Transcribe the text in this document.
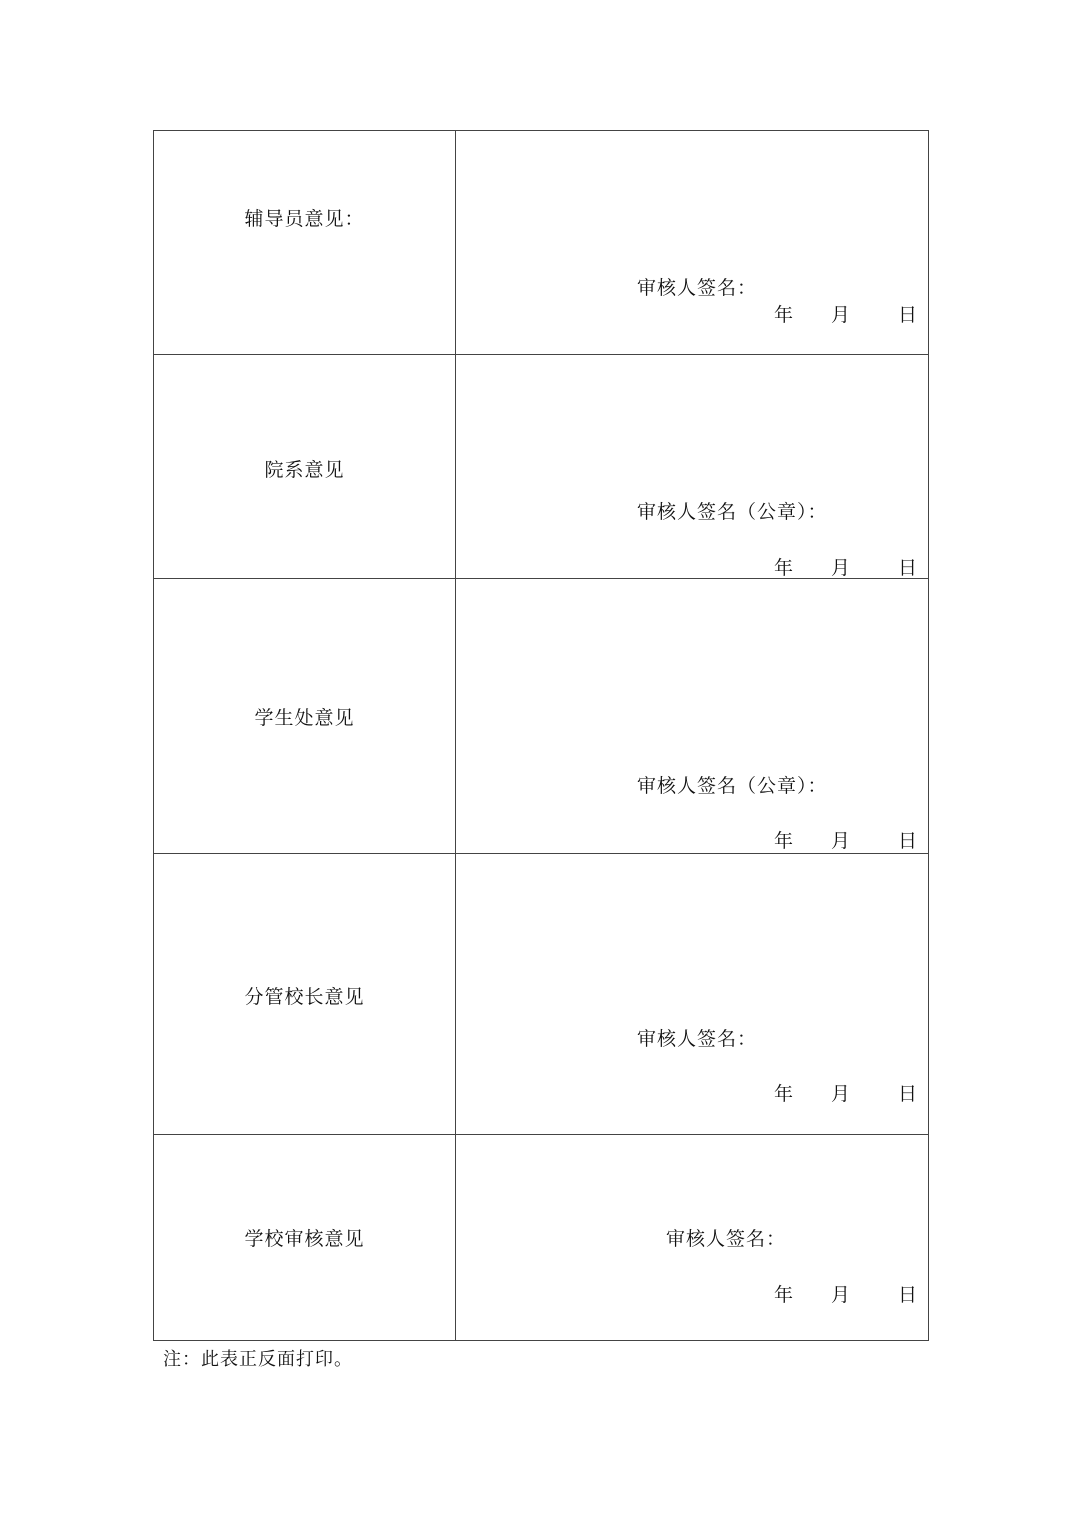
辅导员意见：	审核人签名：
年 月 日

院系意见	审核人签名（公章）：
年 月 日

学生处意见	审核人签名（公章）：
年 月 日

分管校长意见	审核人签名：
年 月 日

学校审核意见	审核人签名：
年 月 日
注：此表正反面打印。
